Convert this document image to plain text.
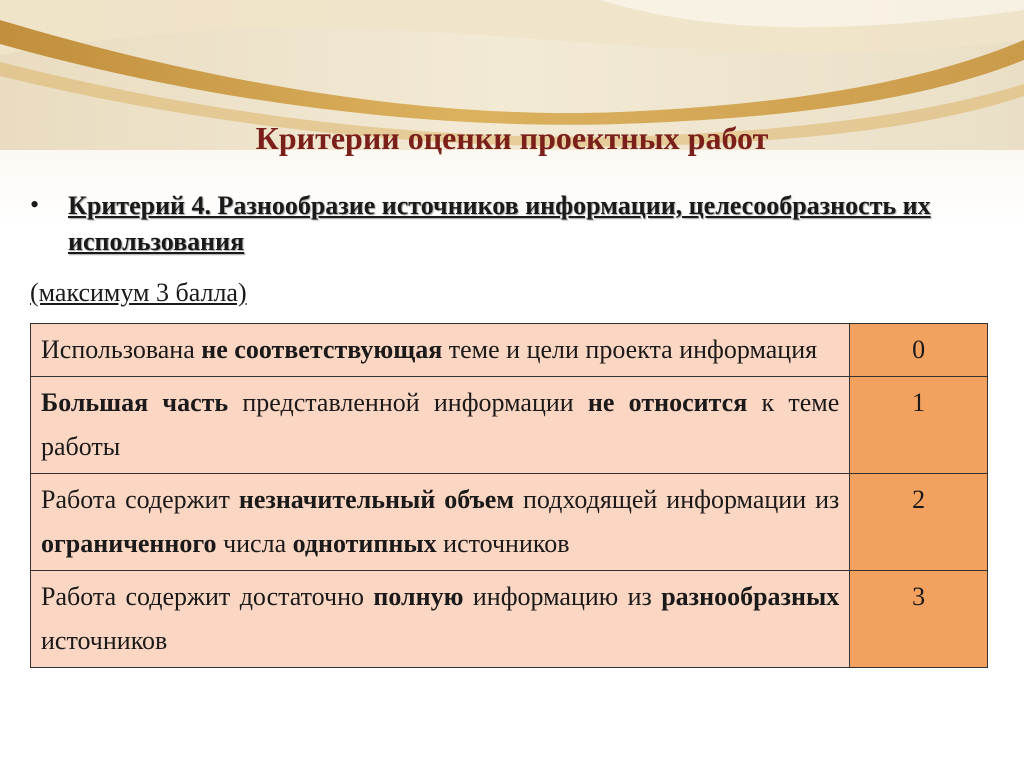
Критерии оценки проектных работ
• Критерий 4. Разнообразие источников информации, целесообразность их использования
(максимум 3 балла)
Использована не соответствующая теме и цели проекта информация	0
Большая часть представленной информации не относится к теме работы	1
Работа содержит незначительный объем подходящей информации из ограниченного числа однотипных источников	2
Работа содержит достаточно полную информацию из разнообразных источников	3
